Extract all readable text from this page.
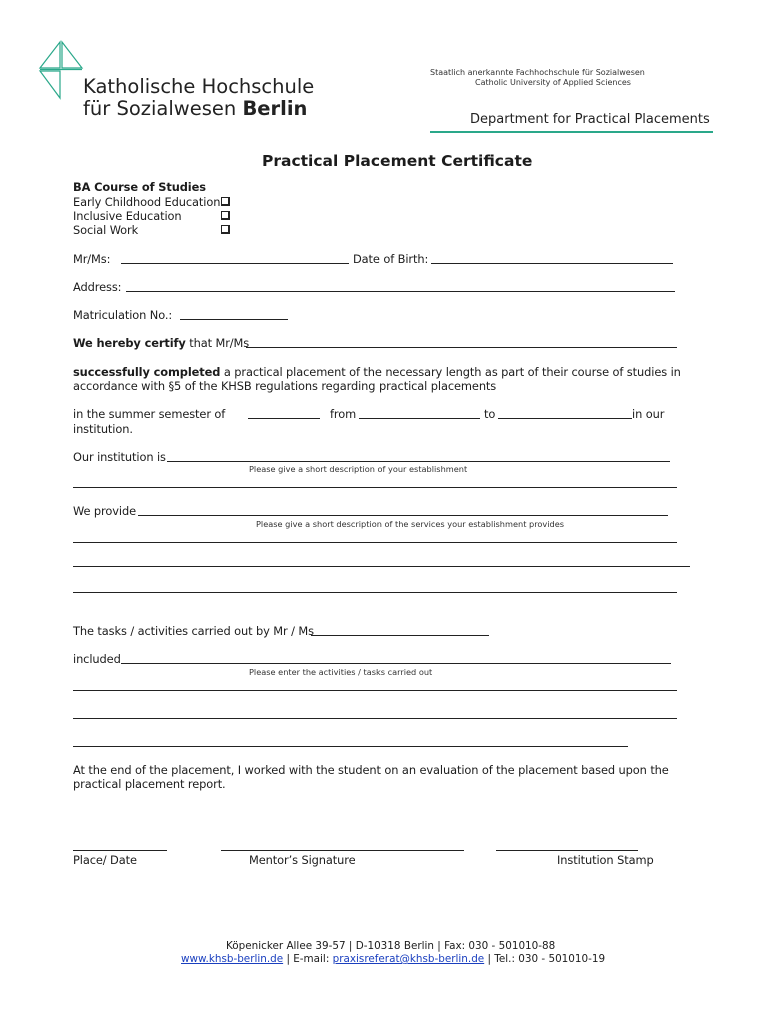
Katholische Hochschule
für Sozialwesen Berlin
Staatlich anerkannte Fachhochschule für Sozialwesen
Catholic University of Applied Sciences
Department for Practical Placements
Practical Placement Certificate
BA Course of Studies
Early Childhood Education
Inclusive Education
Social Work
Mr/Ms:	Date of Birth:
Address:
Matriculation No.:
We hereby certify that Mr/Ms
successfully completed a practical placement of the necessary length as part of their course of studies in
accordance with §5 of the KHSB regulations regarding practical placements
in the summer semester of	from	to	in our
institution.
Our institution is
Please give a short description of your establishment
We provide
Please give a short description of the services your establishment provides
The tasks / activities carried out by Mr / Ms
included
Please enter the activities / tasks carried out
At the end of the placement, I worked with the student on an evaluation of the placement based upon the
practical placement report.
Place/ Date	Mentor’s Signature	Institution Stamp
Köpenicker Allee 39-57 | D-10318 Berlin | Fax: 030 - 501010-88
www.khsb-berlin.de | E-mail: praxisreferat@khsb-berlin.de | Tel.: 030 - 501010-19
